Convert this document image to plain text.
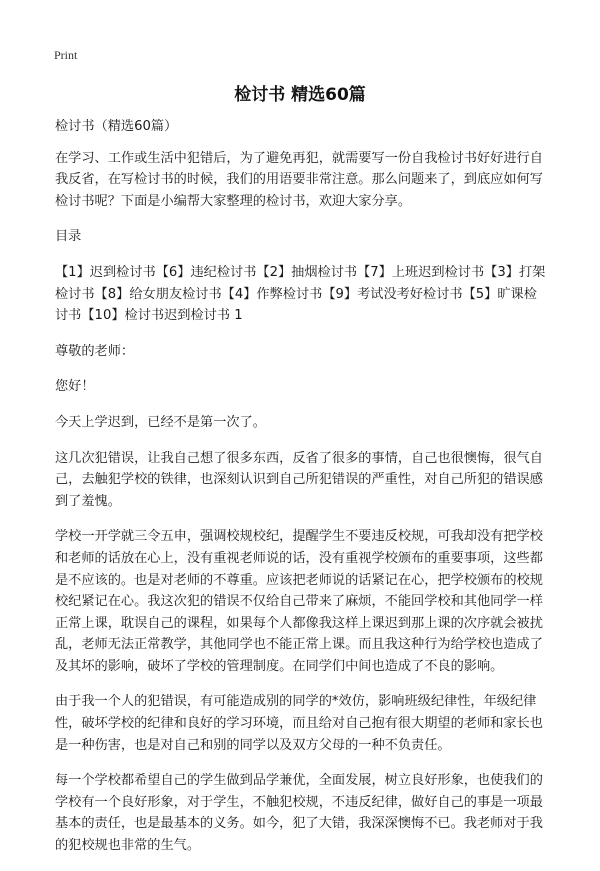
Print
检讨书 精选60篇

检讨书（精选60篇）

在学习、工作或生活中犯错后，为了避免再犯，就需要写一份自我检讨书好好进行自我反省，在写检讨书的时候，我们的用语要非常注意。那么问题来了，到底应如何写检讨书呢？下面是小编帮大家整理的检讨书，欢迎大家分享。

目录

【1】迟到检讨书【6】违纪检讨书【2】抽烟检讨书【7】上班迟到检讨书【3】打架检讨书【8】给女朋友检讨书【4】作弊检讨书【9】考试没考好检讨书【5】旷课检讨书【10】检讨书迟到检讨书 1

尊敬的老师：

您好！

今天上学迟到，已经不是第一次了。

这几次犯错误，让我自己想了很多东西，反省了很多的事情，自己也很懊悔，很气自己，去触犯学校的铁律，也深刻认识到自己所犯错误的严重性，对自己所犯的错误感到了羞愧。

学校一开学就三令五申，强调校规校纪，提醒学生不要违反校规，可我却没有把学校和老师的话放在心上，没有重视老师说的话，没有重视学校颁布的重要事项，这些都是不应该的。也是对老师的不尊重。应该把老师说的话紧记在心，把学校颁布的校规校纪紧记在心。我这次犯的错误不仅给自己带来了麻烦，不能回学校和其他同学一样正常上课，耽误自己的课程，如果每个人都像我这样上课迟到那上课的次序就会被扰乱，老师无法正常教学，其他同学也不能正常上课。而且我这种行为给学校也造成了及其坏的影响，破坏了学校的管理制度。在同学们中间也造成了不良的影响。

由于我一个人的犯错误，有可能造成别的同学的*效仿，影响班级纪律性，年级纪律性，破坏学校的纪律和良好的学习环境，而且给对自己抱有很大期望的老师和家长也是一种伤害，也是对自己和别的同学以及双方父母的一种不负责任。

每一个学校都希望自己的学生做到品学兼优，全面发展，树立良好形象，也使我们的学校有一个良好形象，对于学生，不触犯校规，不违反纪律，做好自己的事是一项最基本的责任，也是最基本的义务。如今，犯了大错，我深深懊悔不已。我老师对于我的犯校规也非常的生气。
